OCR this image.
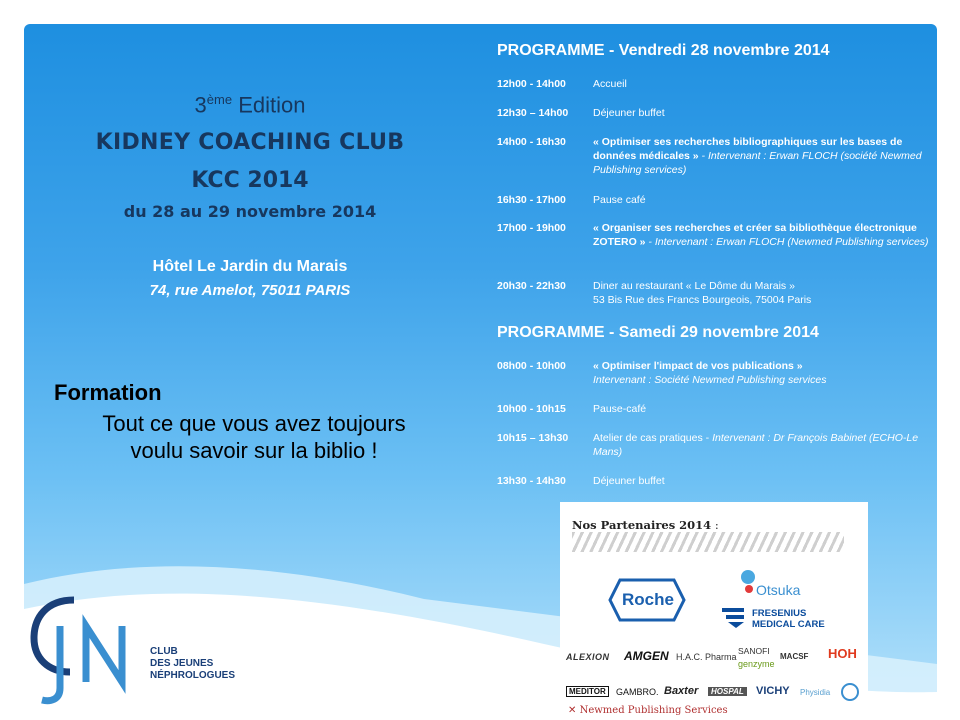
3ème Edition
KIDNEY COACHING CLUB
KCC 2014
du 28 au 29 novembre 2014
Hôtel Le Jardin du Marais
74, rue Amelot, 75011 PARIS
Formation
Tout ce que vous avez toujours
voulu savoir sur la biblio !
PROGRAMME - Vendredi 28 novembre 2014
12h00 - 14h00	Accueil
12h30 – 14h00	Déjeuner buffet
14h00 - 16h30	« Optimiser ses recherches bibliographiques sur les bases de données médicales » - Intervenant : Erwan FLOCH (société Newmed Publishing services)
16h30 - 17h00	Pause café
17h00 - 19h00	« Organiser ses recherches et créer sa bibliothèque électronique ZOTERO » - Intervenant : Erwan FLOCH (Newmed Publishing services)
20h30 - 22h30	Diner au restaurant « Le Dôme du Marais »
53 Bis Rue des Francs Bourgeois, 75004 Paris
PROGRAMME - Samedi 29 novembre 2014
08h00 - 10h00	« Optimiser l'impact de vos publications »
Intervenant : Société Newmed Publishing services
10h00 - 10h15	Pause-café
10h15 – 13h30	Atelier de cas pratiques - Intervenant : Dr François Babinet (ECHO-Le Mans)
13h30 - 14h30	Déjeuner buffet
Nos Partenaires 2014 :
Roche	Otsuka
FRESENIUS
MEDICAL CARE
ALEXION AMGEN H.A.C. Pharma
SANOFI
genzyme
MACSF HOH
MEDITOR	GAMBRO. Baxter	HOSPAL VICHY Physidia
✕ Newmed Publishing Services
CLUB
DES JEUNES
NÉPHROLOGUES
